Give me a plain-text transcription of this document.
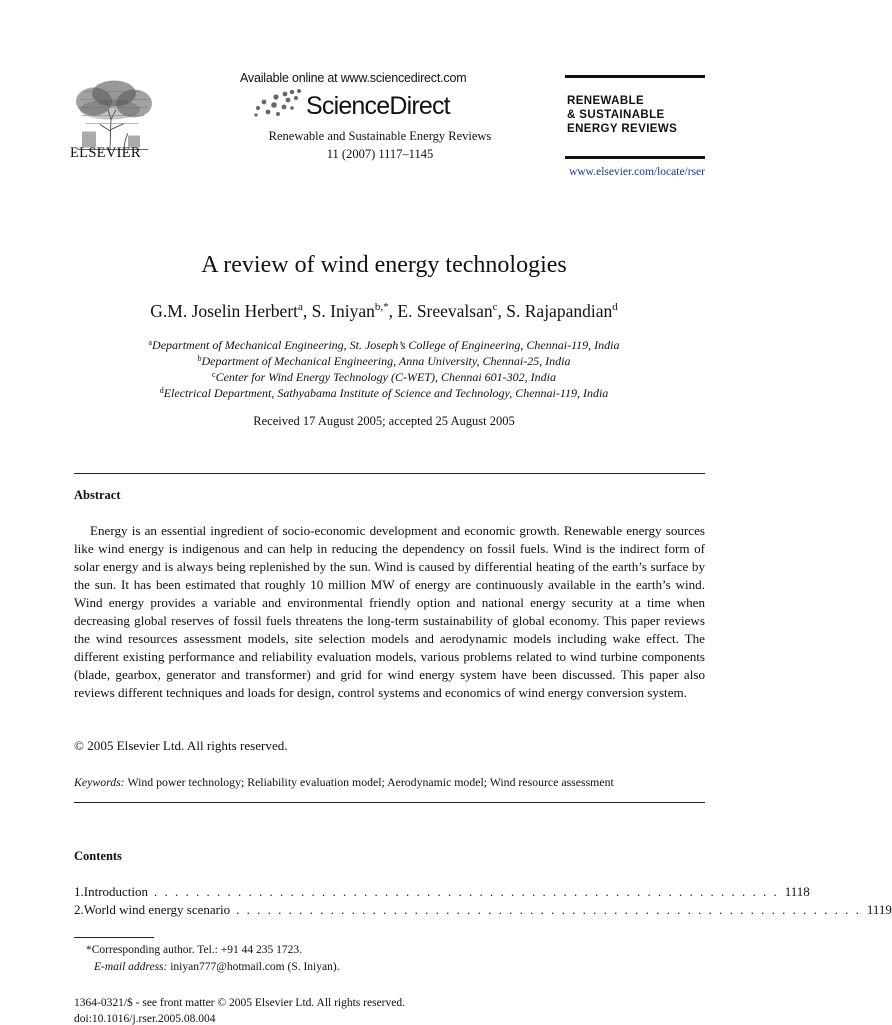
ELSEVIER
Available online at www.sciencedirect.com
ScienceDirect
Renewable and Sustainable Energy Reviews
11 (2007) 1117–1145
RENEWABLE
& SUSTAINABLE
ENERGY REVIEWS
www.elsevier.com/locate/rser
A review of wind energy technologies
G.M. Joselin Herbert$^a$, S. Iniyan$^{b,*}$, E. Sreevalsan$^c$, S. Rajapandian$^d$
$^a$Department of Mechanical Engineering, St. Joseph’s College of Engineering, Chennai-119, India
$^b$Department of Mechanical Engineering, Anna University, Chennai-25, India
$^c$Center for Wind Energy Technology (C-WET), Chennai 601-302, India
$^d$Electrical Department, Sathyabama Institute of Science and Technology, Chennai-119, India
Received 17 August 2005; accepted 25 August 2005
Abstract
Energy is an essential ingredient of socio-economic development and economic growth. Renewable energy sources like wind energy is indigenous and can help in reducing the dependency on fossil fuels. Wind is the indirect form of solar energy and is always being replenished by the sun. Wind is caused by differential heating of the earth’s surface by the sun. It has been estimated that roughly 10 million MW of energy are continuously available in the earth’s wind. Wind energy provides a variable and environmental friendly option and national energy security at a time when decreasing global reserves of fossil fuels threatens the long-term sustainability of global economy. This paper reviews the wind resources assessment models, site selection models and aerodynamic models including wake effect. The different existing performance and reliability evaluation models, various problems related to wind turbine components (blade, gearbox, generator and transformer) and grid for wind energy system have been discussed. This paper also reviews different techniques and loads for design, control systems and economics of wind energy conversion system.
© 2005 Elsevier Ltd. All rights reserved.
Keywords: Wind power technology; Reliability evaluation model; Aerodynamic model; Wind resource assessment
Contents
1. Introduction . . . . . . . . . . . . . . . . . . . . . . . . . . . . . . . . . . . . . . . . . . . . . . . . . . . . . . . . . . . . 1118
2. World wind energy scenario . . . . . . . . . . . . . . . . . . . . . . . . . . . . . . . . . . . . . . . . . . . . . . . . . . . . . . . . . . . . 1119
*Corresponding author. Tel.: +91 44 235 1723.
E-mail address: iniyan777@hotmail.com (S. Iniyan).
1364-0321/$ - see front matter © 2005 Elsevier Ltd. All rights reserved.
doi:10.1016/j.rser.2005.08.004
